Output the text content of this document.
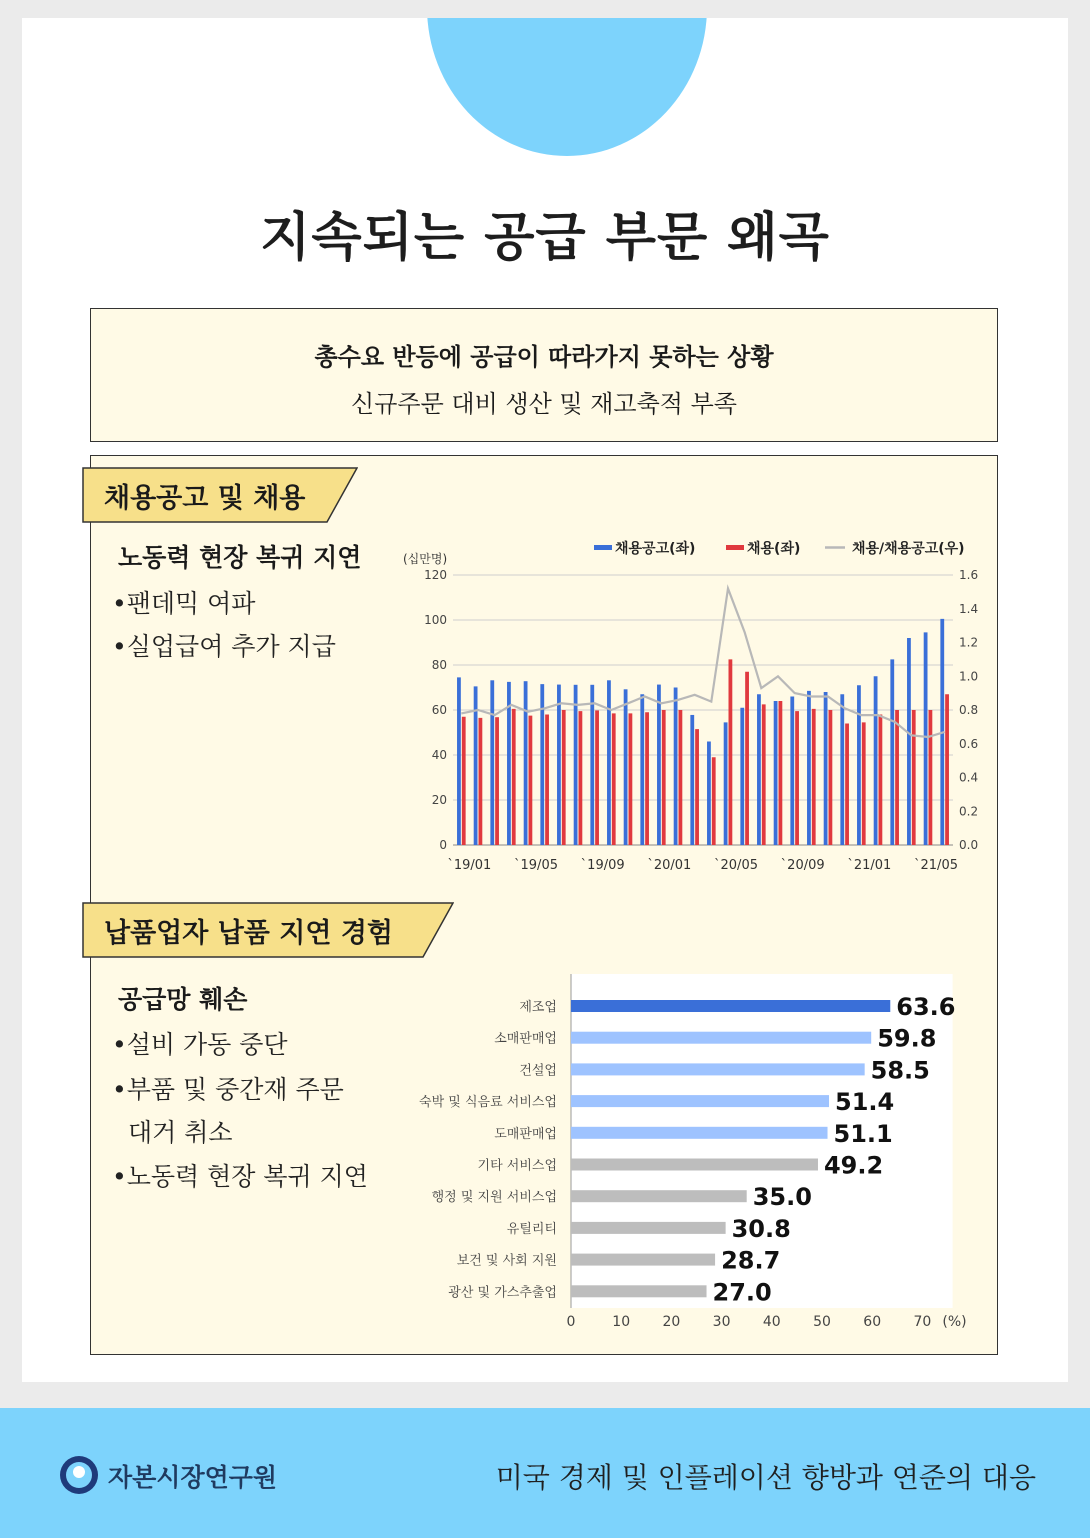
지속되는 공급 부문 왜곡
총수요 반등에 공급이 따라가지 못하는 상황
신규주문 대비 생산 및 재고축적 부족
채용공고 및 채용
노동력 현장 복귀 지연
•팬데믹 여파
•실업급여 추가 지급
(십만명)
0
20
40
60
80
100
120
0.0
0.2
0.4
0.6
0.8
1.0
1.2
1.4
1.6
`19/01 `19/05 `19/09 `20/01 `20/05 `20/09 `21/01 `21/05
채용공고(좌)	채용(좌)	채용/채용공고(우)
납품업자 납품 지연 경험
공급망 훼손
•설비 가동 중단
•부품 및 중간재 주문
대거 취소
•노동력 현장 복귀 지연
제조업	63.6
소매판매업	59.8
건설업	58.5
숙박 및 식음료 서비스업	51.4
도매판매업	51.1
기타 서비스업	49.2
행정 및 지원 서비스업	35.0
유틸리티	30.8
보건 및 사회 지원	28.7
광산 및 가스추출업	27.0
0	10 20 30 40 50 60 70 (%)
자본시장연구원	미국 경제 및 인플레이션 향방과 연준의 대응
